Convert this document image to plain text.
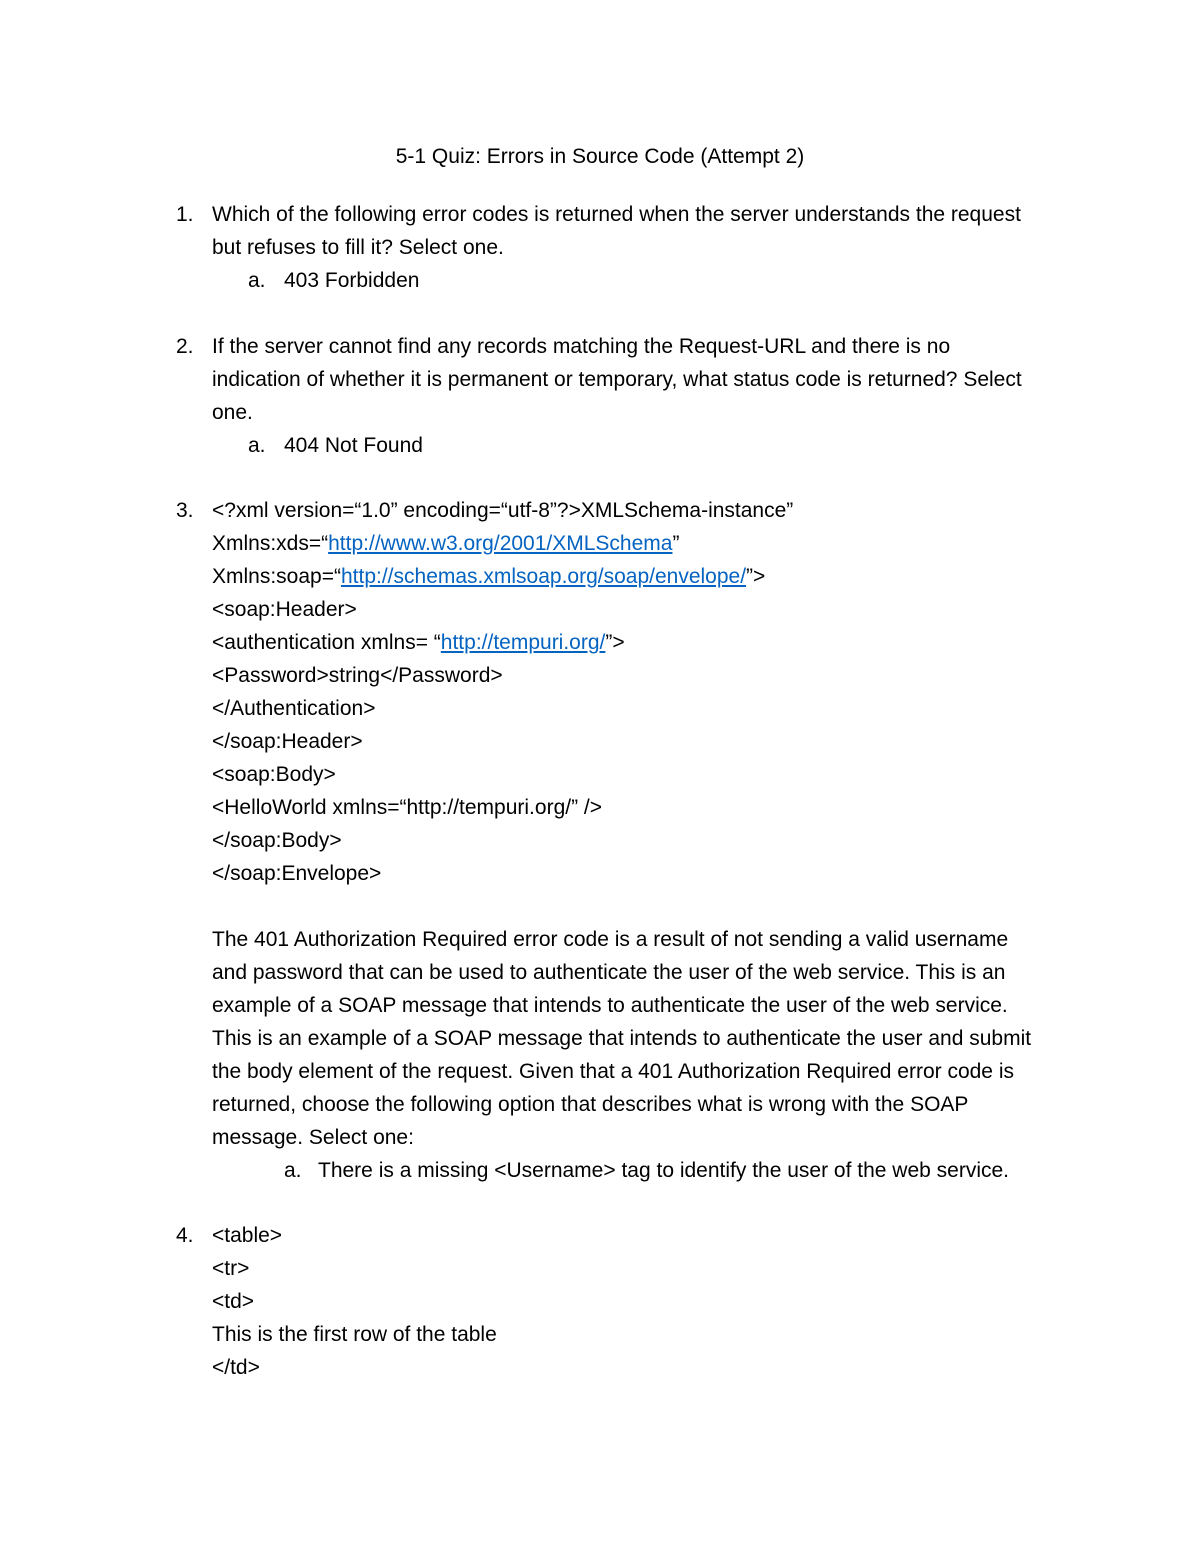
5-1 Quiz: Errors in Source Code (Attempt 2)
1. Which of the following error codes is returned when the server understands the request
but refuses to fill it? Select one.
a. 403 Forbidden
2. If the server cannot find any records matching the Request-URL and there is no
indication of whether it is permanent or temporary, what status code is returned? Select
one.
a. 404 Not Found
3. <?xml version=“1.0” encoding=“utf-8”?>XMLSchema-instance”
Xmlns:xds=“http://www.w3.org/2001/XMLSchema”
Xmlns:soap=“http://schemas.xmlsoap.org/soap/envelope/”>
<soap:Header>
<authentication xmlns= “http://tempuri.org/”>
<Password>string</Password>
</Authentication>
</soap:Header>
<soap:Body>
<HelloWorld xmlns=“http://tempuri.org/” />
</soap:Body>
</soap:Envelope>
The 401 Authorization Required error code is a result of not sending a valid username
and password that can be used to authenticate the user of the web service. This is an
example of a SOAP message that intends to authenticate the user of the web service.
This is an example of a SOAP message that intends to authenticate the user and submit
the body element of the request. Given that a 401 Authorization Required error code is
returned, choose the following option that describes what is wrong with the SOAP
message. Select one:
a. There is a missing <Username> tag to identify the user of the web service.
4. <table>
<tr>
<td>
This is the first row of the table
</td>
